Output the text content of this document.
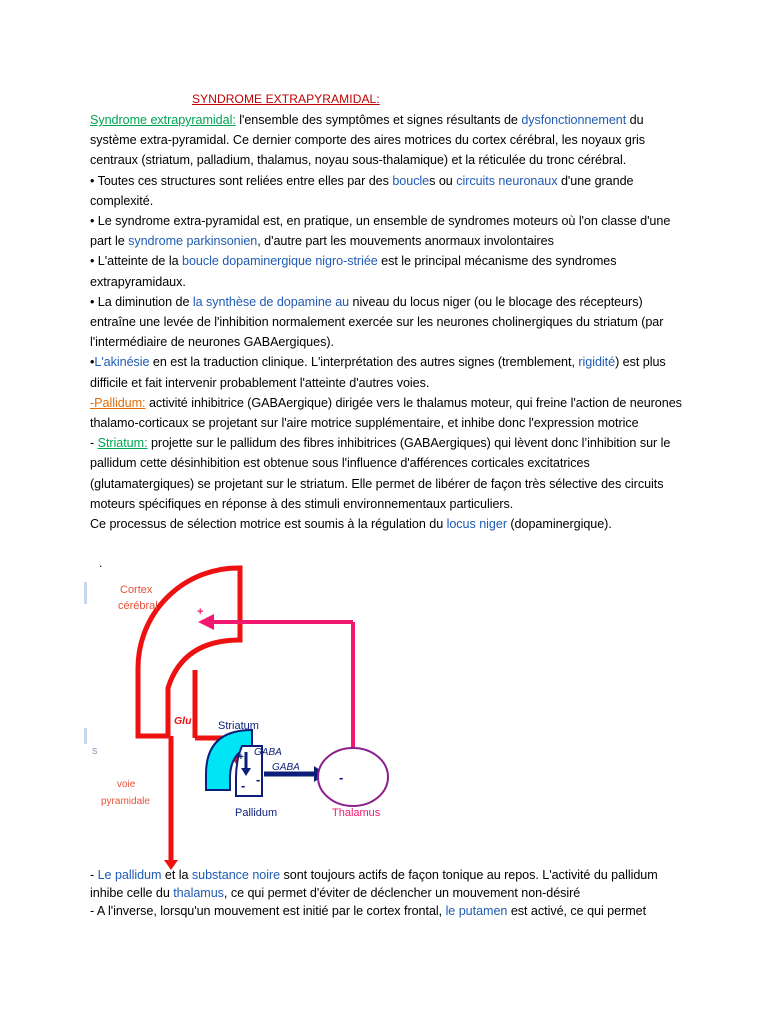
SYNDROME EXTRAPYRAMIDAL:

Syndrome extrapyramidal: l'ensemble des symptômes et signes résultants de dysfonctionnement du système extra-pyramidal. Ce dernier comporte des aires motrices du cortex cérébral, les noyaux gris centraux (striatum, palladium, thalamus, noyau sous-thalamique) et la réticulée du tronc cérébral.

• Toutes ces structures sont reliées entre elles par des boucles ou circuits neuronaux d'une grande complexité.

• Le syndrome extra-pyramidal est, en pratique, un ensemble de syndromes moteurs où l'on classe d'une part le syndrome parkinsonien, d'autre part les mouvements anormaux involontaires

• L'atteinte de la boucle dopaminergique nigro-striée est le principal mécanisme des syndromes extrapyramidaux.

• La diminution de la synthèse de dopamine au niveau du locus niger (ou le blocage des récepteurs) entraîne une levée de l'inhibition normalement exercée sur les neurones cholinergiques du striatum (par l'intermédiaire de neurones GABAergiques).

•L'akinésie en est la traduction clinique. L'interprétation des autres signes (tremblement, rigidité) est plus difficile et fait intervenir probablement l'atteinte d'autres voies.

-Pallidum: activité inhibitrice (GABAergique) dirigée vers le thalamus moteur, qui freine l'action de neurones thalamo-corticaux se projetant sur l'aire motrice supplémentaire, et inhibe donc l'expression motrice

- Striatum: projette sur le pallidum des fibres inhibitrices (GABAergiques) qui lèvent donc l’inhibition sur le pallidum cette désinhibition est obtenue sous l'influence d'afférences corticales excitatrices (glutamatergiques) se projetant sur le striatum. Elle permet de libérer de façon très sélective des circuits moteurs spécifiques en réponse à des stimuli environnementaux particuliers.

Ce processus de sélection motrice est soumis à la régulation du locus niger (dopaminergique).

.
s
Cortex
cérébral	+
Glu Striatum
GABA
GABA
+
- -	-
Pallidum	Thalamus
voie
pyramidale

- Le pallidum et la substance noire sont toujours actifs de façon tonique au repos. L'activité du pallidum inhibe celle du thalamus, ce qui permet d'éviter de déclencher un mouvement non-désiré

- A l'inverse, lorsqu'un mouvement est initié par le cortex frontal, le putamen est activé, ce qui permet
